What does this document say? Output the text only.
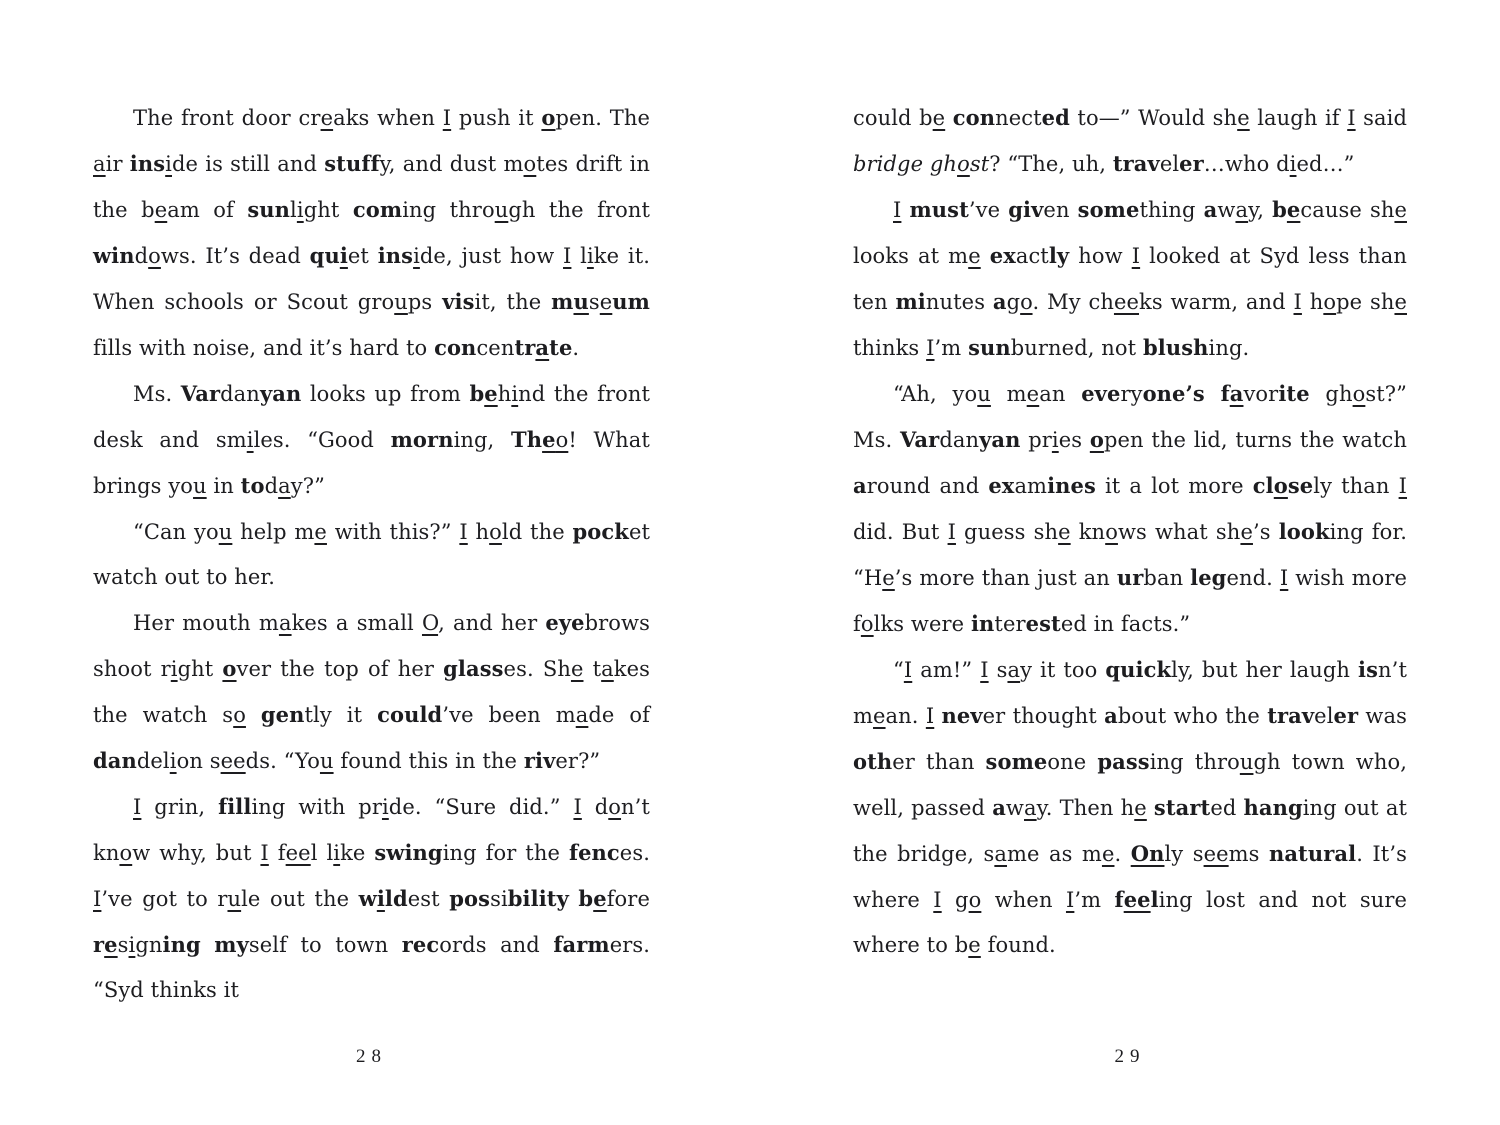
The front door creaks when I push it open. The air inside is still and stuffy, and dust motes drift in the beam of sunlight coming through the front windows. It’s dead quiet inside, just how I like it. When schools or Scout groups visit, the museum fills with noise, and it’s hard to concentrate.

Ms. Vardanyan looks up from behind the front desk and smiles. “Good morning, Theo! What brings you in today?”

“Can you help me with this?” I hold the pocket watch out to her.

Her mouth makes a small O, and her eyebrows shoot right over the top of her glasses. She takes the watch so gently it could’ve been made of dandelion seeds. “You found this in the river?”

I grin, filling with pride. “Sure did.” I don’t know why, but I feel like swinging for the fences. I’ve got to rule out the wildest possibility before resigning myself to town records and farmers. “Syd thinks it

28

could be connected to—” Would she laugh if I said bridge ghost? “The, uh, traveler…who died…”

I must’ve given something away, because she looks at me exactly how I looked at Syd less than ten minutes ago. My cheeks warm, and I hope she thinks I’m sunburned, not blushing.

“Ah, you mean everyone’s favorite ghost?” Ms. Vardanyan pries open the lid, turns the watch around and examines it a lot more closely than I did. But I guess she knows what she’s looking for. “He’s more than just an urban legend. I wish more folks were interested in facts.”

“I am!” I say it too quickly, but her laugh isn’t mean. I never thought about who the traveler was other than someone passing through town who, well, passed away. Then he started hanging out at the bridge, same as me. Only seems natural. It’s where I go when I’m feeling lost and not sure where to be found.

29
